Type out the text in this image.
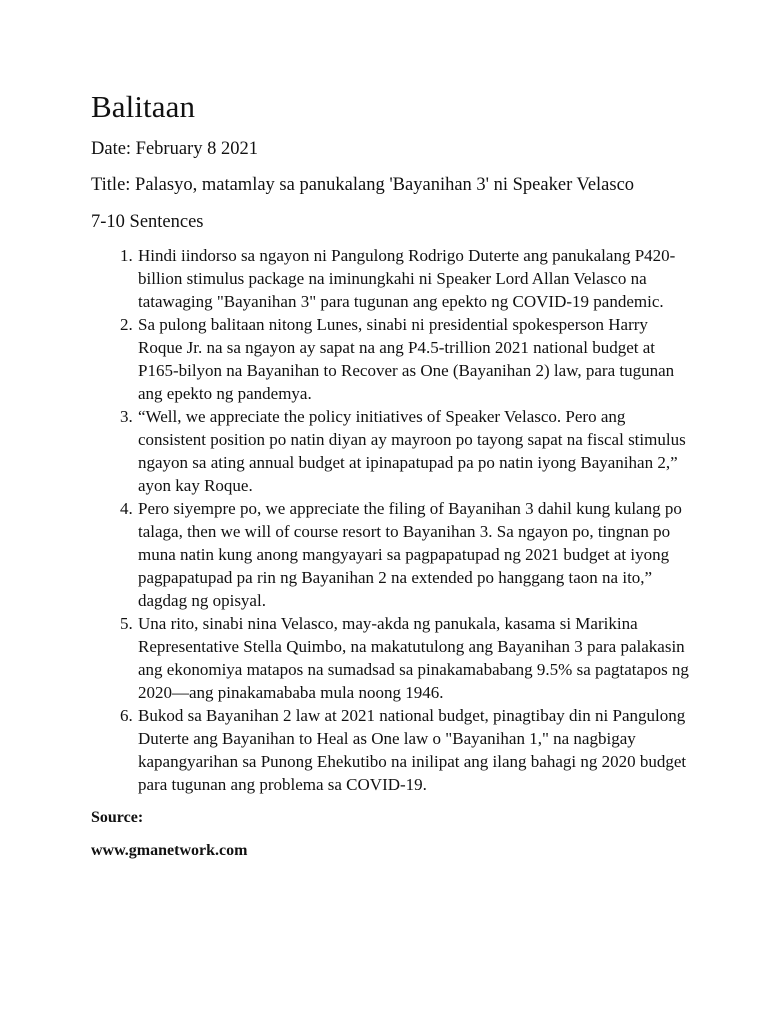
Balitaan

Date: February 8 2021

Title: Palasyo, matamlay sa panukalang 'Bayanihan 3' ni Speaker Velasco

7-10 Sentences

1. Hindi iindorso sa ngayon ni Pangulong Rodrigo Duterte ang panukalang P420-billion stimulus package na iminungkahi ni Speaker Lord Allan Velasco na tatawaging "Bayanihan 3" para tugunan ang epekto ng COVID-19 pandemic.
2. Sa pulong balitaan nitong Lunes, sinabi ni presidential spokesperson Harry Roque Jr. na sa ngayon ay sapat na ang P4.5-trillion 2021 national budget at P165-bilyon na Bayanihan to Recover as One (Bayanihan 2) law, para tugunan ang epekto ng pandemya.
3. “Well, we appreciate the policy initiatives of Speaker Velasco. Pero ang consistent position po natin diyan ay mayroon po tayong sapat na fiscal stimulus ngayon sa ating annual budget at ipinapatupad pa po natin iyong Bayanihan 2,” ayon kay Roque.
4. Pero siyempre po, we appreciate the filing of Bayanihan 3 dahil kung kulang po talaga, then we will of course resort to Bayanihan 3. Sa ngayon po, tingnan po muna natin kung anong mangyayari sa pagpapatupad ng 2021 budget at iyong pagpapatupad pa rin ng Bayanihan 2 na extended po hanggang taon na ito,” dagdag ng opisyal.
5. Una rito, sinabi nina Velasco, may-akda ng panukala, kasama si Marikina Representative Stella Quimbo, na makatutulong ang Bayanihan 3 para palakasin ang ekonomiya matapos na sumadsad sa pinakamababang 9.5% sa pagtatapos ng 2020—ang pinakamababa mula noong 1946.
6. Bukod sa Bayanihan 2 law at 2021 national budget, pinagtibay din ni Pangulong Duterte ang Bayanihan to Heal as One law o "Bayanihan 1," na nagbigay kapangyarihan sa Punong Ehekutibo na inilipat ang ilang bahagi ng 2020 budget para tugunan ang problema sa COVID-19.
Source:
www.gmanetwork.com
